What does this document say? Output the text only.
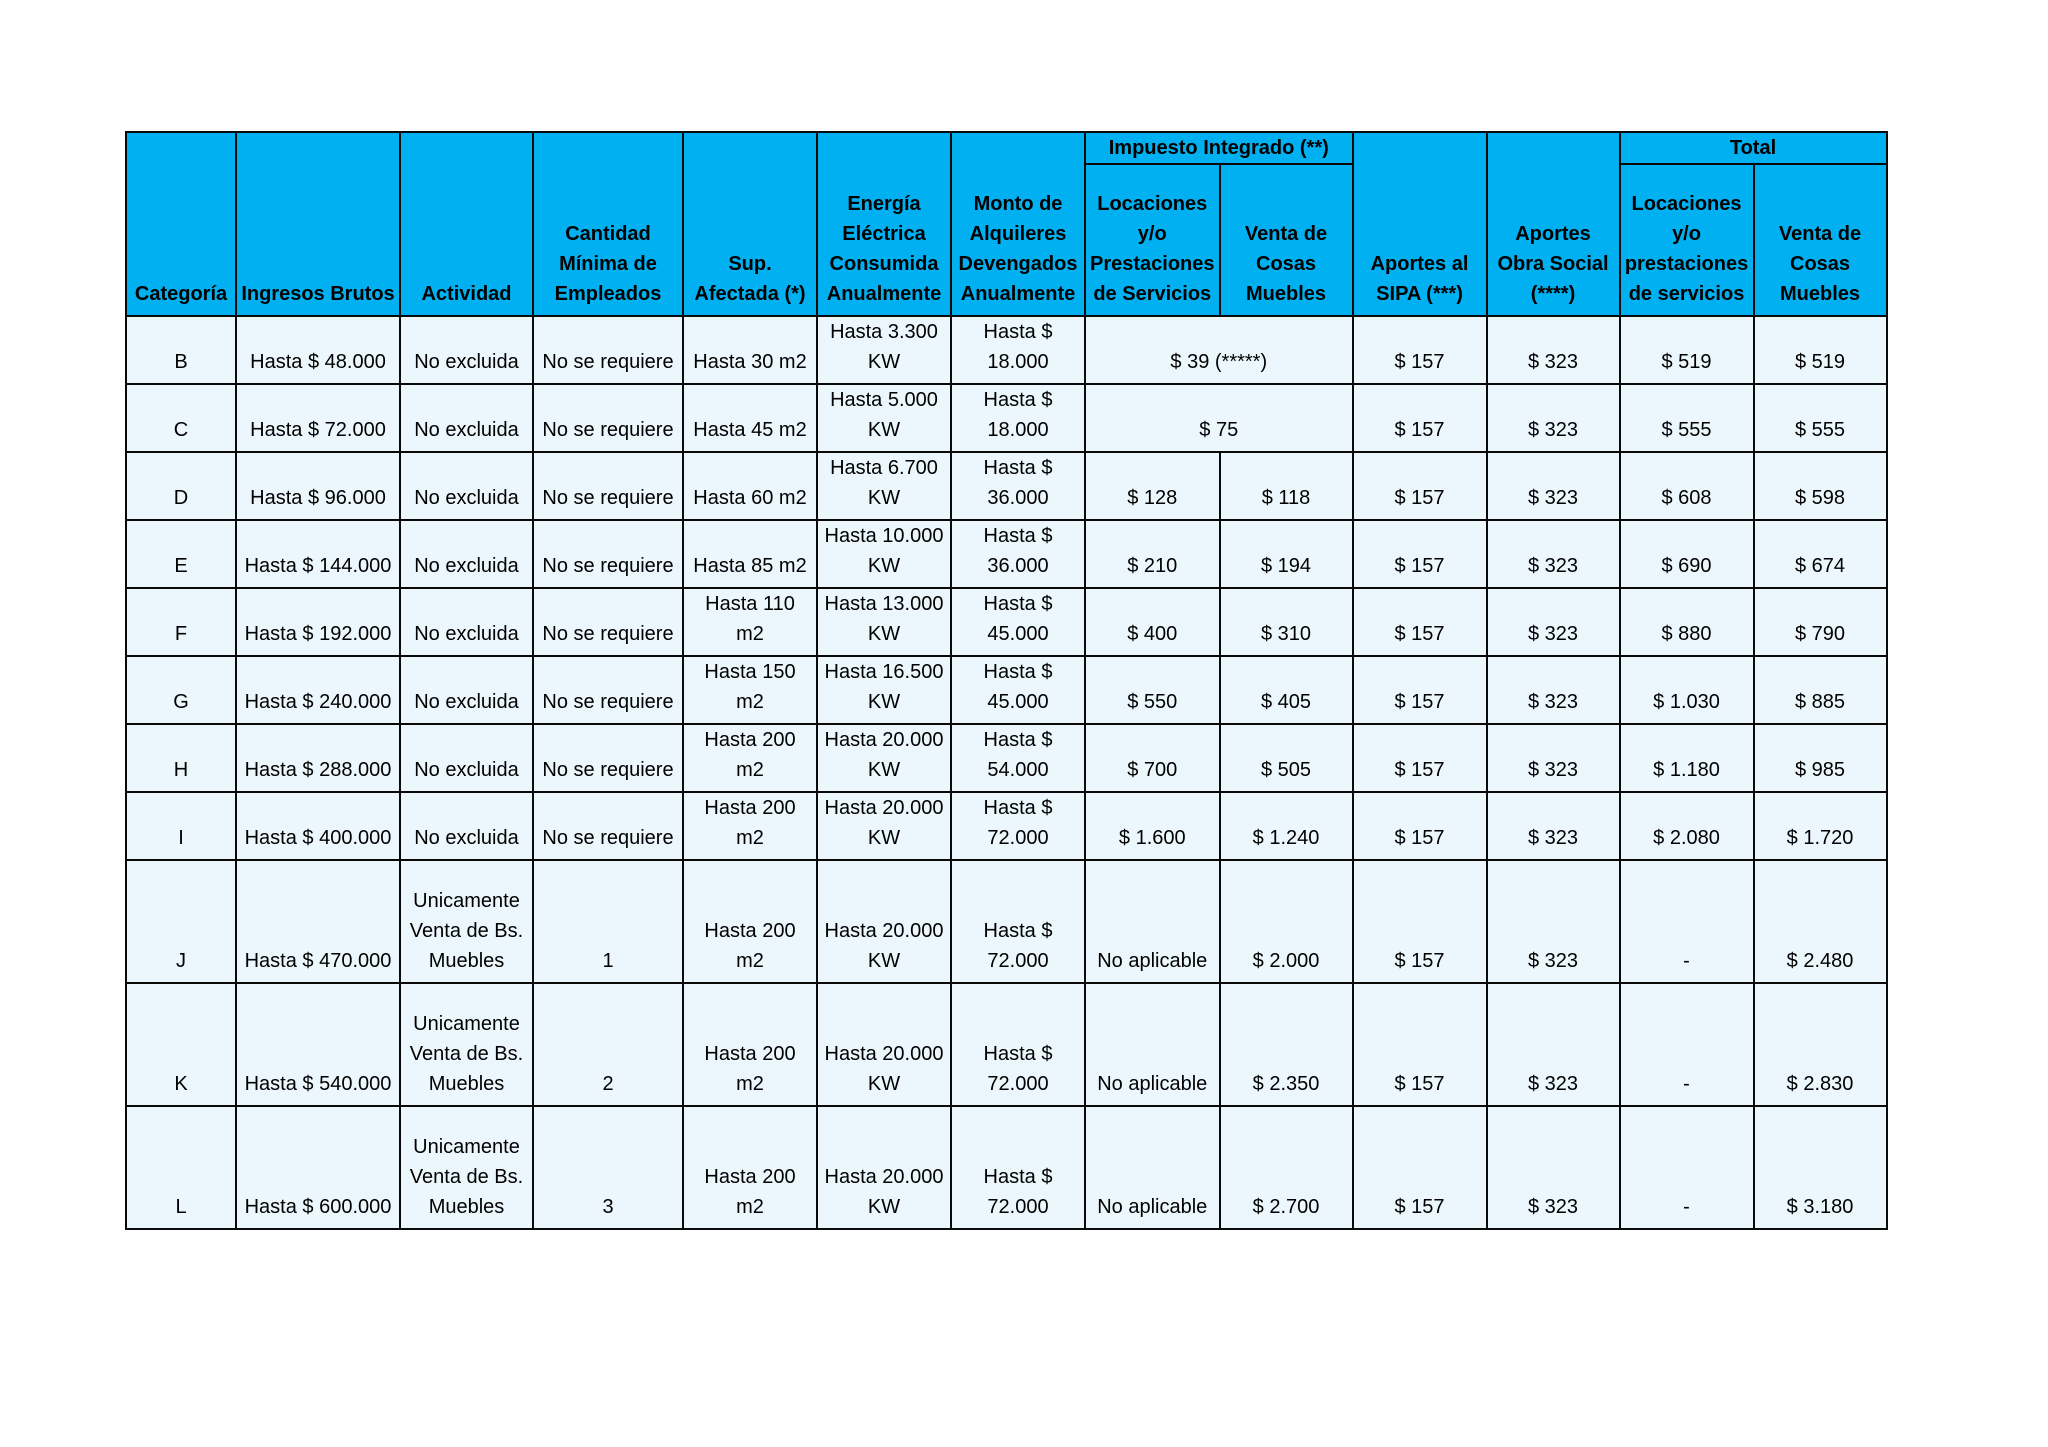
							Impuesto Integrado (**)				Total	
Categoría	Ingresos Brutos	Actividad	Cantidad
Mínima de
Empleados	Sup.
Afectada (*)	Energía
Eléctrica
Consumida
Anualmente	Monto de
Alquileres
Devengados
Anualmente	Locaciones
y/o
Prestaciones
de Servicios	Venta de
Cosas
Muebles	Aportes al
SIPA (***)	Aportes
Obra Social
(****)	Locaciones
y/o
prestaciones
de servicios	Venta de
Cosas
Muebles
B	Hasta $ 48.000	No excluida	No se requiere	Hasta 30 m2	Hasta 3.300
KW	Hasta $
18.000	$ 39 (*****)		$ 157	$ 323	$ 519	$ 519
C	Hasta $ 72.000	No excluida	No se requiere	Hasta 45 m2	Hasta 5.000
KW	Hasta $
18.000	$ 75		$ 157	$ 323	$ 555	$ 555
D	Hasta $ 96.000	No excluida	No se requiere	Hasta 60 m2	Hasta 6.700
KW	Hasta $
36.000	$ 128	$ 118	$ 157	$ 323	$ 608	$ 598
E	Hasta $ 144.000	No excluida	No se requiere	Hasta 85 m2	Hasta 10.000
KW	Hasta $
36.000	$ 210	$ 194	$ 157	$ 323	$ 690	$ 674
F	Hasta $ 192.000	No excluida	No se requiere	Hasta 110
m2	Hasta 13.000
KW	Hasta $
45.000	$ 400	$ 310	$ 157	$ 323	$ 880	$ 790
G	Hasta $ 240.000	No excluida	No se requiere	Hasta 150
m2	Hasta 16.500
KW	Hasta $
45.000	$ 550	$ 405	$ 157	$ 323	$ 1.030	$ 885
H	Hasta $ 288.000	No excluida	No se requiere	Hasta 200
m2	Hasta 20.000
KW	Hasta $
54.000	$ 700	$ 505	$ 157	$ 323	$ 1.180	$ 985
I	Hasta $ 400.000	No excluida	No se requiere	Hasta 200
m2	Hasta 20.000
KW	Hasta $
72.000	$ 1.600	$ 1.240	$ 157	$ 323	$ 2.080	$ 1.720
J	Hasta $ 470.000	Unicamente
Venta de Bs.
Muebles	1	Hasta 200
m2	Hasta 20.000
KW	Hasta $
72.000	No aplicable	$ 2.000	$ 157	$ 323	-	$ 2.480
K	Hasta $ 540.000	Unicamente
Venta de Bs.
Muebles	2	Hasta 200
m2	Hasta 20.000
KW	Hasta $
72.000	No aplicable	$ 2.350	$ 157	$ 323	-	$ 2.830
L	Hasta $ 600.000	Unicamente
Venta de Bs.
Muebles	3	Hasta 200
m2	Hasta 20.000
KW	Hasta $
72.000	No aplicable	$ 2.700	$ 157	$ 323	-	$ 3.180
